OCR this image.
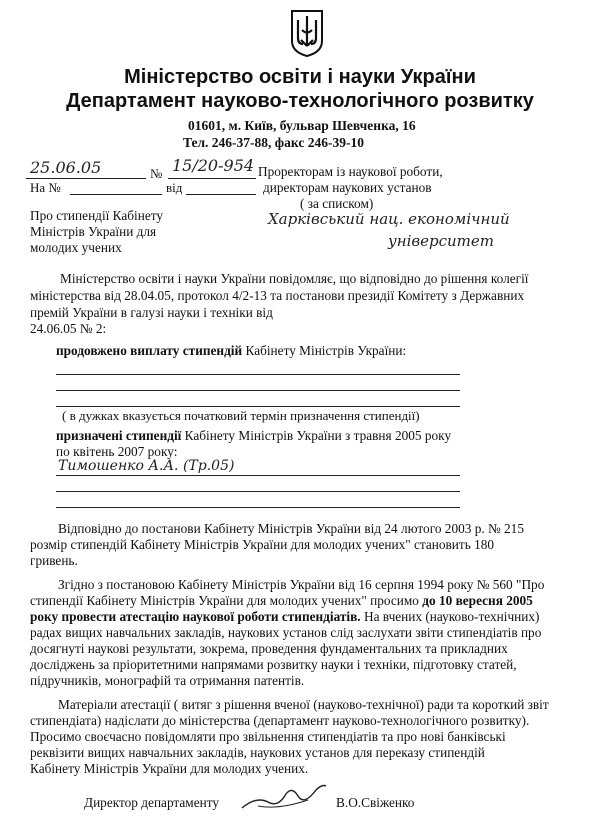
Міністерство освіти і науки України
Департамент науково-технологічного розвитку
01601, м. Київ, бульвар Шевченка, 16
Тел. 246-37-88, факс 246-39-10
25.06.05	№ 15/20-954
На №	від
Проректорам із наукової роботи,
директорам наукових установ
( за списком)
Харківський нац. економічний
університет
Про стипендії Кабінету
Міністрів України для
молодих учених
Міністерство освіти і науки України повідомляє, що відповідно до рішення колегії
міністерства від 28.04.05, протокол 4/2-13 та постанови президії Комітету з Державних
премій України в галузі науки і техніки від
24.06.05 № 2:
продовжено виплату стипендій Кабінету Міністрів України:
( в дужках вказується початковий термін призначення стипендії)
призначені стипендії Кабінету Міністрів України з травня 2005 року
по квітень 2007 року:
Тимошенко А.А. (Тр.05)
Відповідно до постанови Кабінету Міністрів України від 24 лютого 2003 р. № 215
розмір стипендій Кабінету Міністрів України для молодих учених" становить 180
гривень.
Згідно з постановою Кабінету Міністрів України від 16 серпня 1994 року № 560 "Про
стипендії Кабінету Міністрів України для молодих учених" просимо до 10 вересня 2005
року провести атестацію наукової роботи стипендіатів. На вчених (науково-технічних)
радах вищих навчальних закладів, наукових установ слід заслухати звіти стипендіатів про
досягнуті наукові результати, зокрема, проведення фундаментальних та прикладних
досліджень за пріоритетними напрямами розвитку науки і техніки, підготовку статей,
підручників, монографій та отримання патентів.
Матеріали атестації ( витяг з рішення вченої (науково-технічної) ради та короткий звіт
стипендіата) надіслати до міністерства (департамент науково-технологічного розвитку).
Просимо своєчасно повідомляти про звільнення стипендіатів та про нові банківські
реквізити вищих навчальних закладів, наукових установ для переказу стипендій
Кабінету Міністрів України для молодих учених.
Директор департаменту	В.О.Свіженко
